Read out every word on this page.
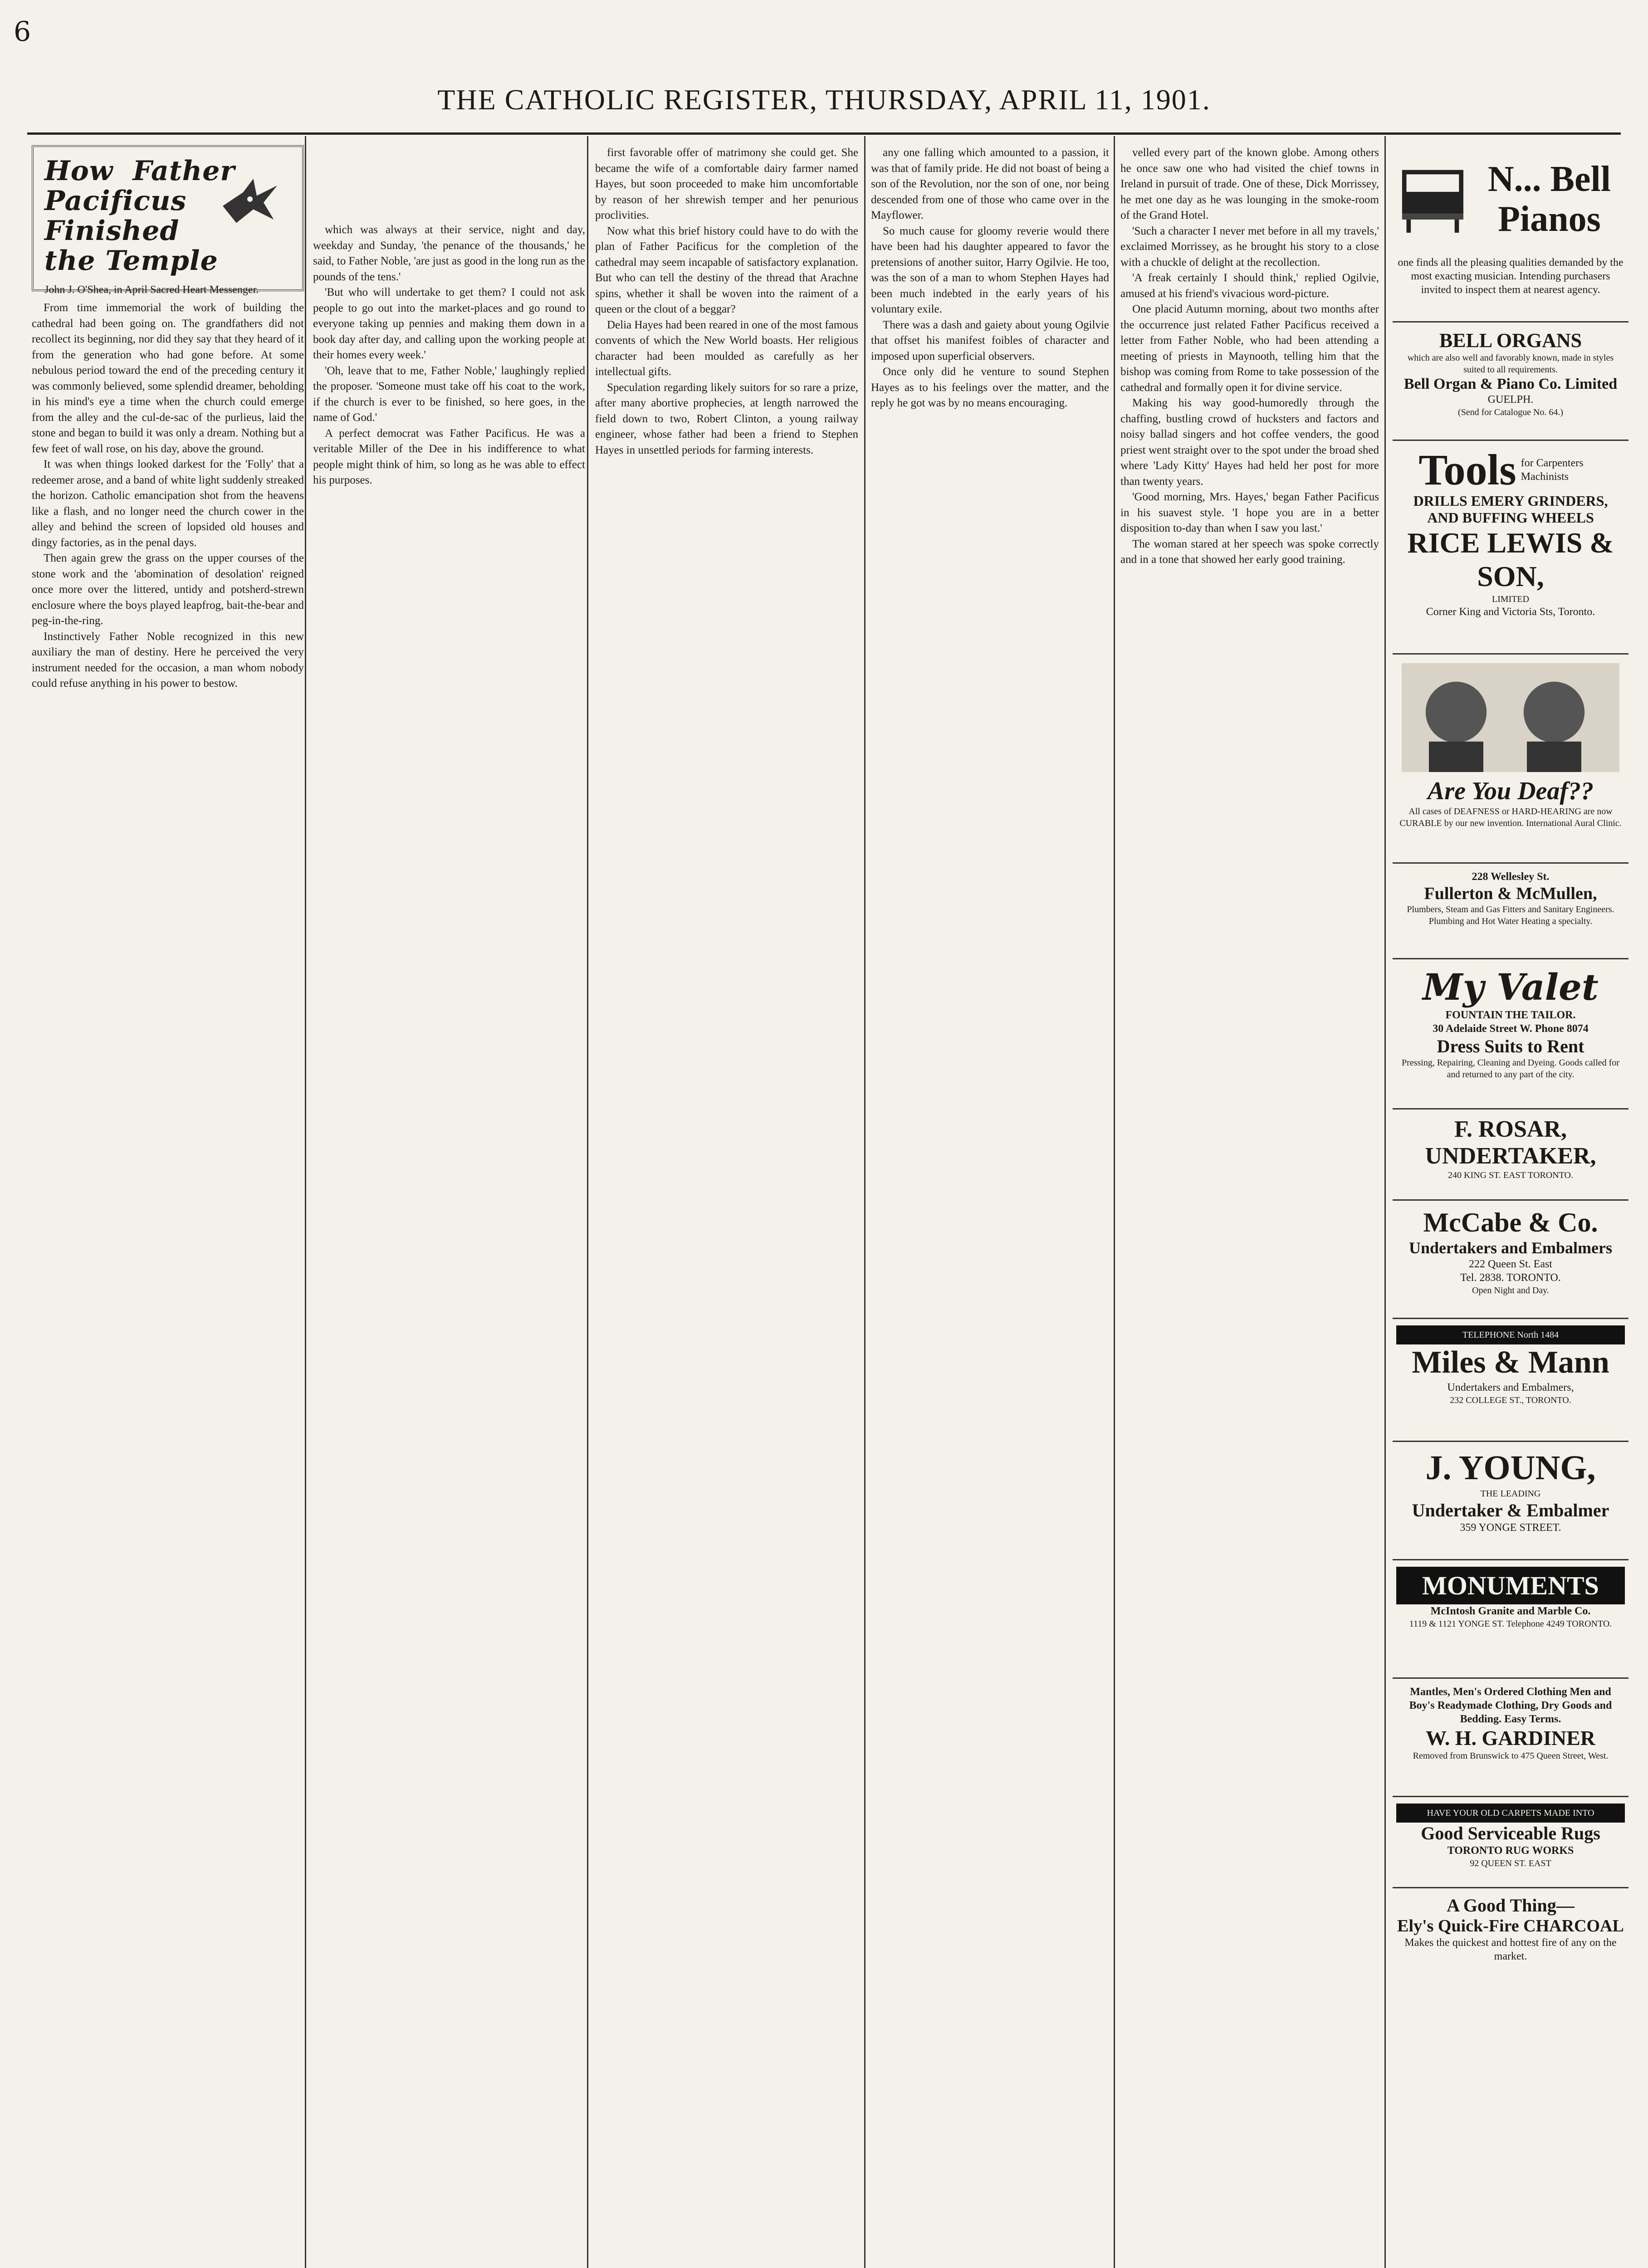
6
THE CATHOLIC REGISTER, THURSDAY, APRIL 11, 1901.
How Father Pacificus
Finished the Temple
John J. O'Shea, in April Sacred Heart Messenger.

From time immemorial the work of building the cathedral had been going on. The grandfathers did not recollect its beginning, nor did they say that they heard of it from the generation who had gone before. At some nebulous period toward the end of the preceding century it was commonly believed, some splendid dreamer, beholding in his mind's eye a time when the church could emerge from the alley and the cul-de-sac of the purlieus, laid the stone and began to build it was only a dream. Nothing but a few feet of wall rose, on his day, above the ground.

It was when things looked darkest for the 'Folly' that a redeemer arose, and a band of white light suddenly streaked the horizon. Catholic emancipation shot from the heavens like a flash, and no longer need the church cower in the alley and behind the screen of lopsided old houses and dingy factories, as in the penal days.

Then again grew the grass on the upper courses of the stone work and the 'abomination of desolation' reigned once more over the littered, untidy and potsherd-strewn enclosure where the boys played leapfrog, bait-the-bear and peg-in-the-ring.

Instinctively Father Noble recognized in this new auxiliary the man of destiny. Here he perceived the very instrument needed for the occasion, a man whom nobody could refuse anything in his power to bestow.

which was always at their service, night and day, weekday and Sunday, 'the penance of the thousands,' he said, to Father Noble, 'are just as good in the long run as the pounds of the tens.'

'But who will undertake to get them? I could not ask people to go out into the market-places and go round to everyone taking up pennies and making them down in a book day after day, and calling upon the working people at their homes every week.'

'Oh, leave that to me, Father Noble,' laughingly replied the proposer. 'Someone must take off his coat to the work, if the church is ever to be finished, so here goes, in the name of God.'

A perfect democrat was Father Pacificus. He was a veritable Miller of the Dee in his indifference to what people might think of him, so long as he was able to effect his purposes.

first favorable offer of matrimony she could get. She became the wife of a comfortable dairy farmer named Hayes, but soon proceeded to make him uncomfortable by reason of her shrewish temper and her penurious proclivities.

Now what this brief history could have to do with the plan of Father Pacificus for the completion of the cathedral may seem incapable of satisfactory explanation. But who can tell the destiny of the thread that Arachne spins, whether it shall be woven into the raiment of a queen or the clout of a beggar?

Delia Hayes had been reared in one of the most famous convents of which the New World boasts. Her religious character had been moulded as carefully as her intellectual gifts.

Speculation regarding likely suitors for so rare a prize, after many abortive prophecies, at length narrowed the field down to two, Robert Clinton, a young railway engineer, whose father had been a friend to Stephen Hayes in unsettled periods for farming interests.

any one falling which amounted to a passion, it was that of family pride. He did not boast of being a son of the Revolution, nor the son of one, nor being descended from one of those who came over in the Mayflower.

So much cause for gloomy reverie would there have been had his daughter appeared to favor the pretensions of another suitor, Harry Ogilvie. He too, was the son of a man to whom Stephen Hayes had been much indebted in the early years of his voluntary exile.

There was a dash and gaiety about young Ogilvie that offset his manifest foibles of character and imposed upon superficial observers.

Once only did he venture to sound Stephen Hayes as to his feelings over the matter, and the reply he got was by no means encouraging.

velled every part of the known globe. Among others he once saw one who had visited the chief towns in Ireland in pursuit of trade. One of these, Dick Morrissey, he met one day as he was lounging in the smoke-room of the Grand Hotel.

'Such a character I never met before in all my travels,' exclaimed Morrissey, as he brought his story to a close with a chuckle of delight at the recollection.

'A freak certainly I should think,' replied Ogilvie, amused at his friend's vivacious word-picture.

One placid Autumn morning, about two months after the occurrence just related Father Pacificus received a letter from Father Noble, who had been attending a meeting of priests in Maynooth, telling him that the bishop was coming from Rome to take possession of the cathedral and formally open it for divine service.

Making his way good-humoredly through the chaffing, bustling crowd of hucksters and factors and noisy ballad singers and hot coffee venders, the good priest went straight over to the spot under the broad shed where 'Lady Kitty' Hayes had held her post for more than twenty years.

'Good morning, Mrs. Hayes,' began Father Pacificus in his suavest style. 'I hope you are in a better disposition to-day than when I saw you last.'

The woman stared at her speech was spoke correctly and in a tone that showed her early good training.

N... Bell Pianos
one finds all the pleasing qualities demanded by the most exacting musician. Intending purchasers invited to inspect them at nearest agency.
BELL ORGANS
which are also well and favorably known, made in styles suited to all requirements.
Bell Organ & Piano Co. Limited
GUELPH.
(Send for Catalogue No. 64.)
Tools for Carpenters Machinists
DRILLS EMERY GRINDERS, AND BUFFING WHEELS
RICE LEWIS & SON,
LIMITED
Corner King and Victoria Sts, Toronto.
Are You Deaf??
All cases of DEAFNESS or HARD-HEARING are now CURABLE by our new invention. International Aural Clinic.
228 Wellesley St.
Fullerton & McMullen,
Plumbers, Steam and Gas Fitters and Sanitary Engineers. Plumbing and Hot Water Heating a specialty.
My Valet
FOUNTAIN THE TAILOR.
30 Adelaide Street W. Phone 8074
Dress Suits to Rent
Pressing, Repairing, Cleaning and Dyeing. Goods called for and returned to any part of the city.
F. ROSAR,
UNDERTAKER,
240 KING ST. EAST TORONTO.
McCabe & Co.
Undertakers and Embalmers
222 Queen St. East
Tel. 2838. TORONTO.
Open Night and Day.
TELEPHONE North 1484
Miles & Mann
Undertakers and Embalmers,
232 COLLEGE ST., TORONTO.
J. YOUNG,
THE LEADING
Undertaker & Embalmer
359 YONGE STREET.
MONUMENTS
McIntosh Granite and Marble Co.
1119 & 1121 YONGE ST. Telephone 4249 TORONTO.
Mantles, Men's Ordered Clothing Men and Boy's Readymade Clothing, Dry Goods and Bedding. Easy Terms.
W. H. GARDINER
Removed from Brunswick to 475 Queen Street, West.
HAVE YOUR OLD CARPETS MADE INTO
Good Serviceable Rugs
TORONTO RUG WORKS
92 QUEEN ST. EAST
A Good Thing—
Ely's Quick-Fire CHARCOAL
Makes the quickest and hottest fire of any on the market.
